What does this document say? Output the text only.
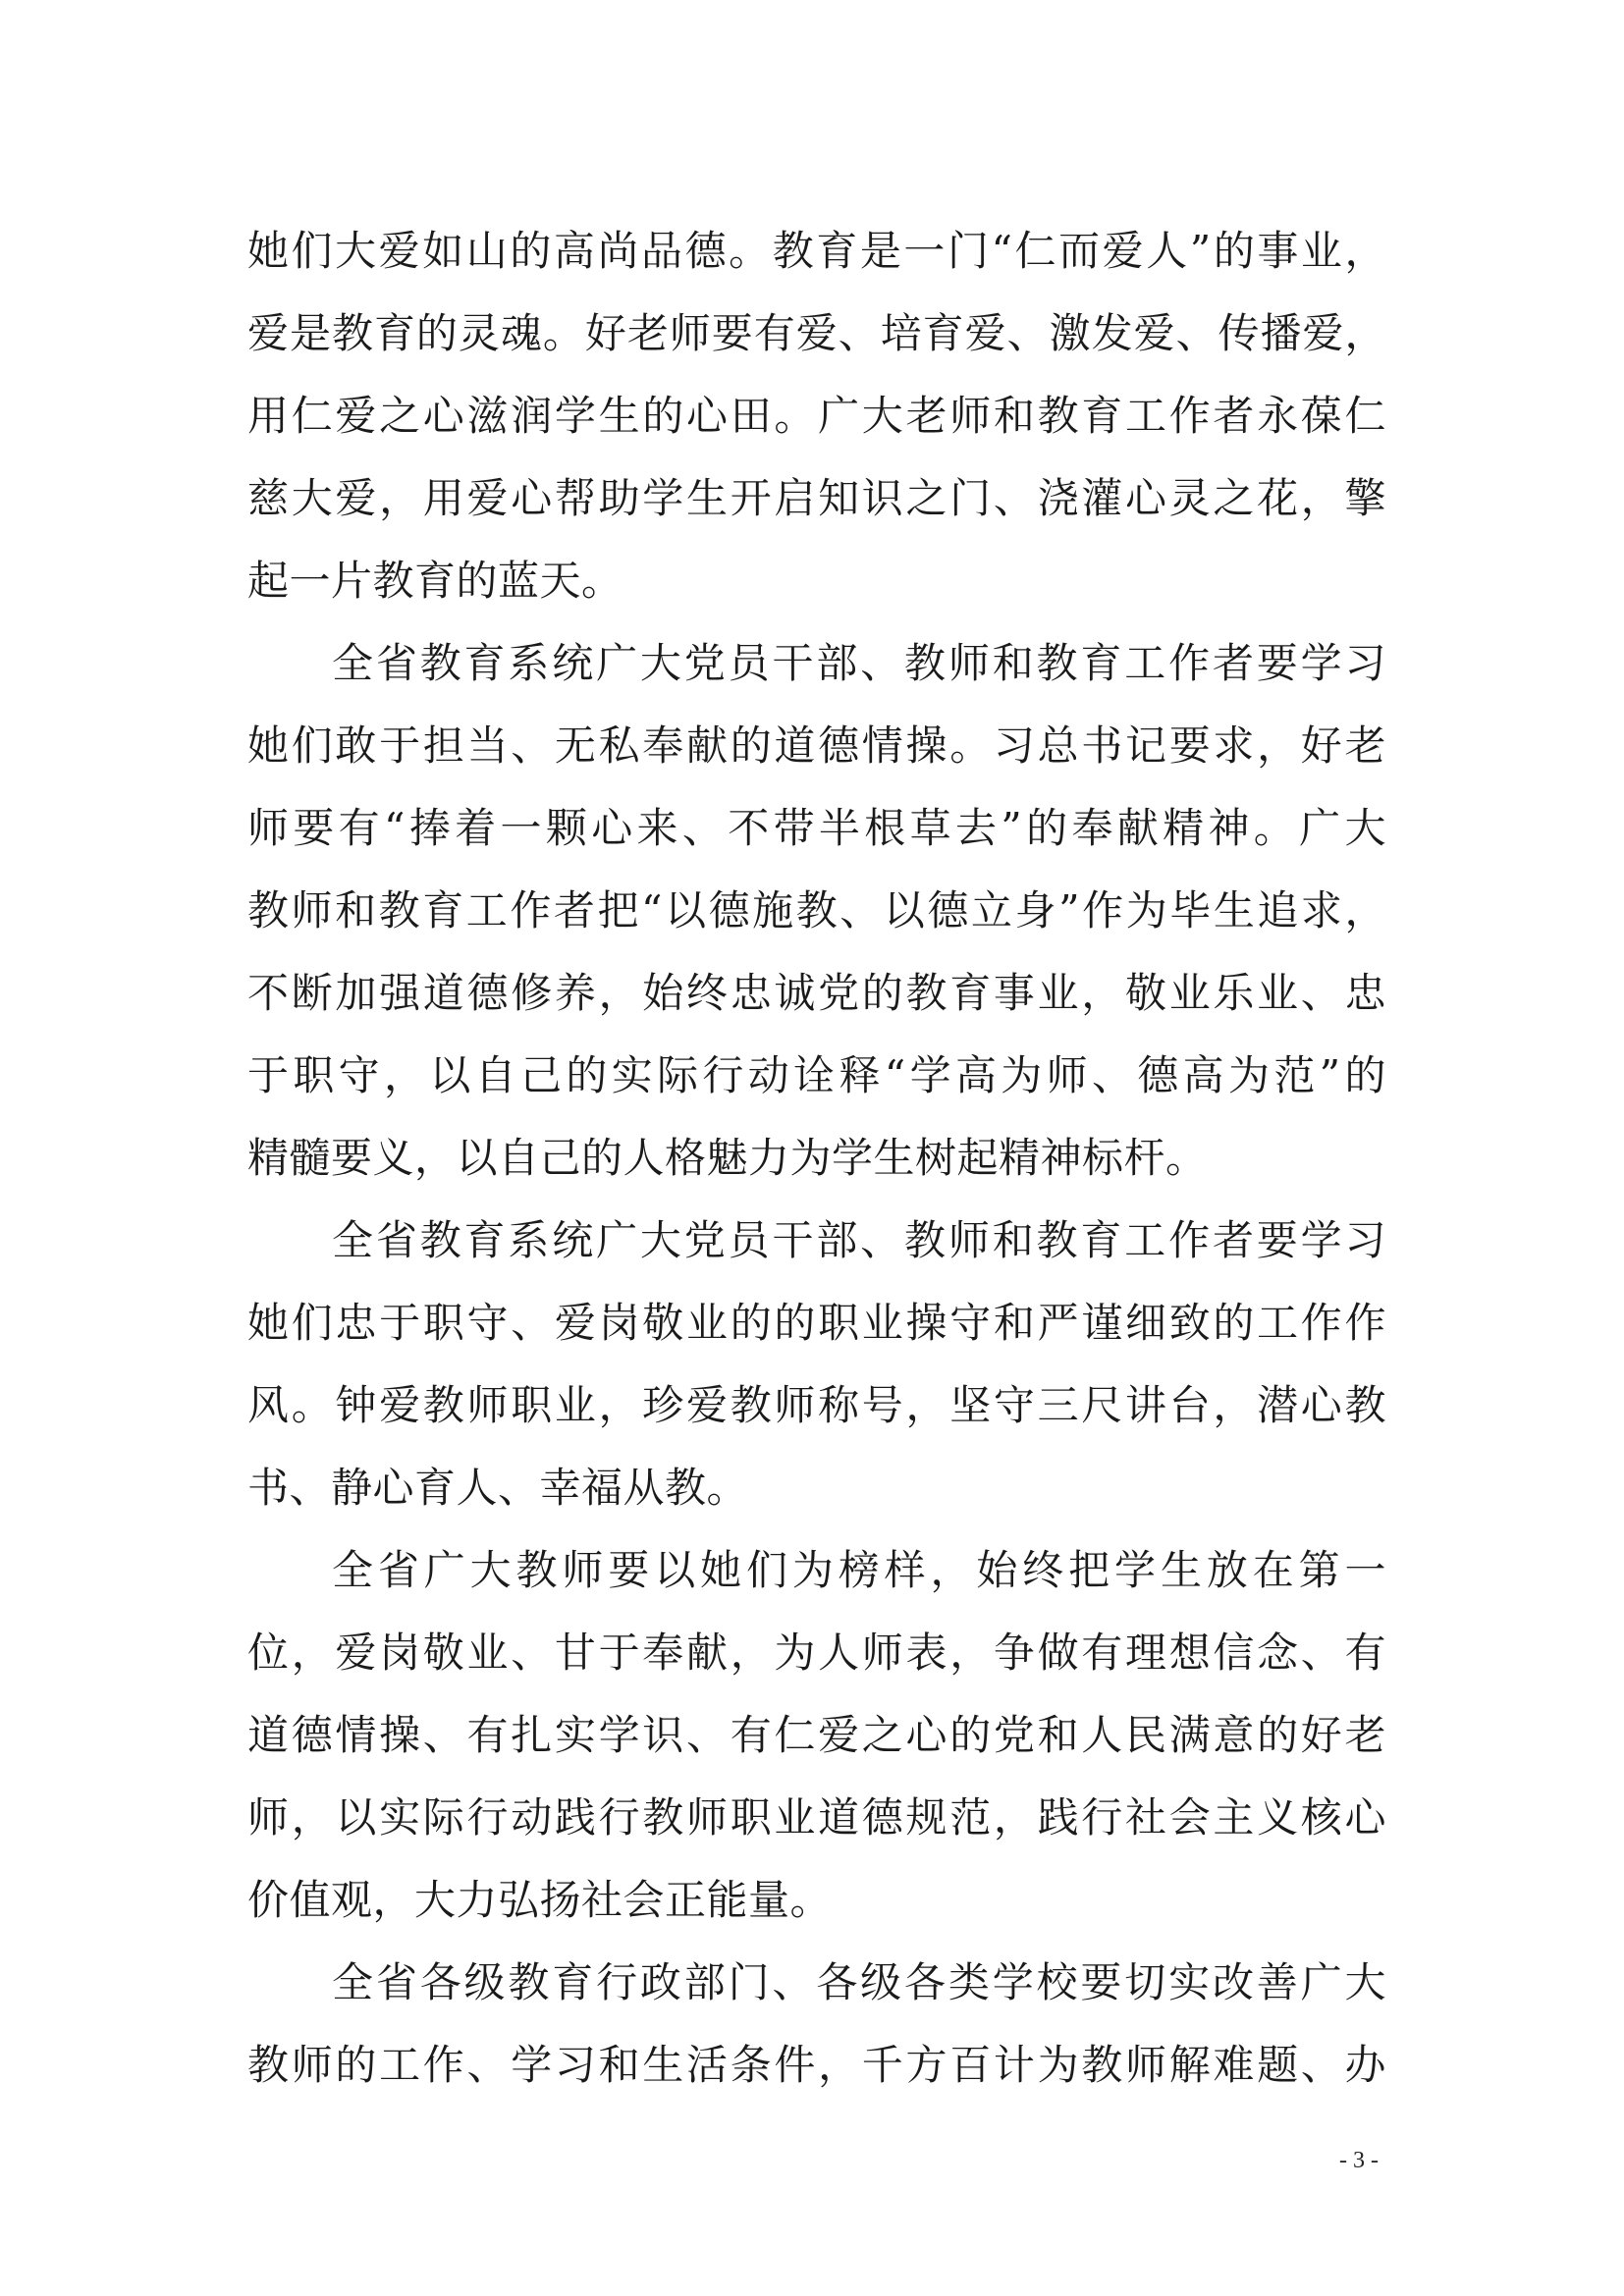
她们大爱如山的高尚品德。教育是一门“仁而爱人”的事业，
爱是教育的灵魂。好老师要有爱、培育爱、激发爱、传播爱，
用仁爱之心滋润学生的心田。广大老师和教育工作者永葆仁
慈大爱，用爱心帮助学生开启知识之门、浇灌心灵之花，擎
起一片教育的蓝天。
全省教育系统广大党员干部、教师和教育工作者要学习
她们敢于担当、无私奉献的道德情操。习总书记要求，好老
师要有“捧着一颗心来、不带半根草去”的奉献精神。广大
教师和教育工作者把“以德施教、以德立身”作为毕生追求，
不断加强道德修养，始终忠诚党的教育事业，敬业乐业、忠
于职守，以自己的实际行动诠释“学高为师、德高为范”的
精髓要义，以自己的人格魅力为学生树起精神标杆。
全省教育系统广大党员干部、教师和教育工作者要学习
她们忠于职守、爱岗敬业的的职业操守和严谨细致的工作作
风。钟爱教师职业，珍爱教师称号，坚守三尺讲台，潜心教
书、静心育人、幸福从教。
全省广大教师要以她们为榜样，始终把学生放在第一
位，爱岗敬业、甘于奉献，为人师表，争做有理想信念、有
道德情操、有扎实学识、有仁爱之心的党和人民满意的好老
师，以实际行动践行教师职业道德规范，践行社会主义核心
价值观，大力弘扬社会正能量。
全省各级教育行政部门、各级各类学校要切实改善广大
教师的工作、学习和生活条件，千方百计为教师解难题、办
- 3 -
